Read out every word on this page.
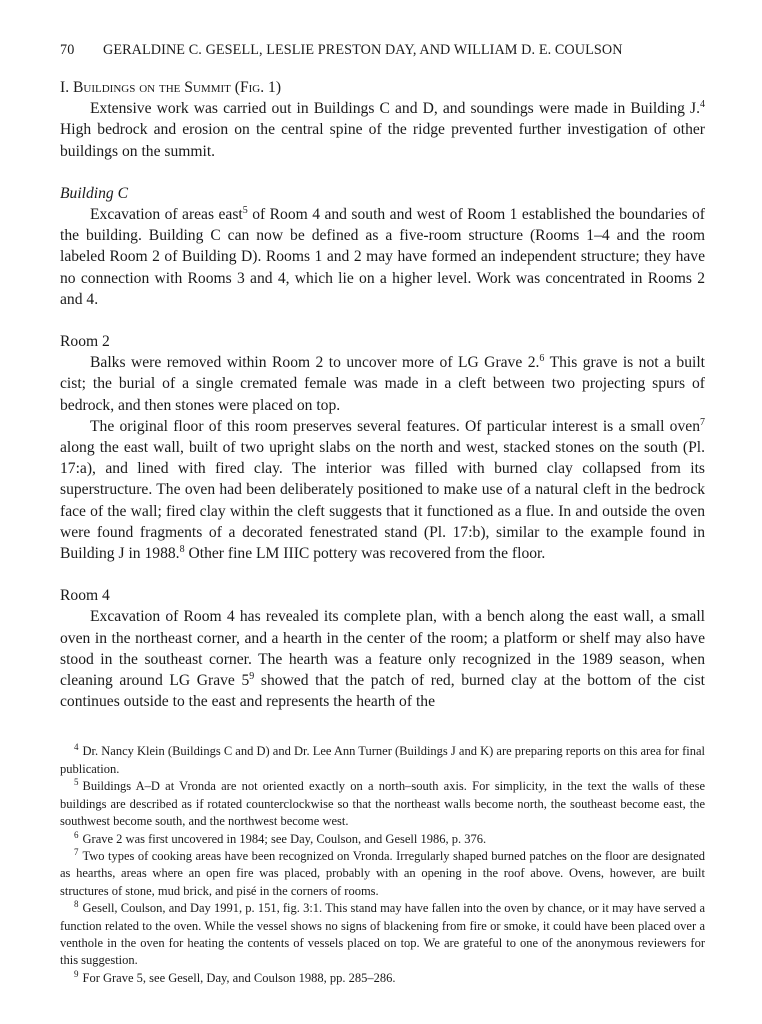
70	GERALDINE C. GESELL, LESLIE PRESTON DAY, AND WILLIAM D. E. COULSON

I. Buildings on the Summit (Fig. 1)

Extensive work was carried out in Buildings C and D, and soundings were made in Building J.$^4$ High bedrock and erosion on the central spine of the ridge prevented further investigation of other buildings on the summit.

Building C

Excavation of areas east$^5$ of Room 4 and south and west of Room 1 established the boundaries of the building. Building C can now be defined as a five-room structure (Rooms 1–4 and the room labeled Room 2 of Building D). Rooms 1 and 2 may have formed an independent structure; they have no connection with Rooms 3 and 4, which lie on a higher level. Work was concentrated in Rooms 2 and 4.

Room 2

Balks were removed within Room 2 to uncover more of LG Grave 2.$^6$ This grave is not a built cist; the burial of a single cremated female was made in a cleft between two projecting spurs of bedrock, and then stones were placed on top.

The original floor of this room preserves several features. Of particular interest is a small oven$^7$ along the east wall, built of two upright slabs on the north and west, stacked stones on the south (Pl. 17:a), and lined with fired clay. The interior was filled with burned clay collapsed from its superstructure. The oven had been deliberately positioned to make use of a natural cleft in the bedrock face of the wall; fired clay within the cleft suggests that it functioned as a flue. In and outside the oven were found fragments of a decorated fenestrated stand (Pl. 17:b), similar to the example found in Building J in 1988.$^8$ Other fine LM IIIC pottery was recovered from the floor.

Room 4

Excavation of Room 4 has revealed its complete plan, with a bench along the east wall, a small oven in the northeast corner, and a hearth in the center of the room; a platform or shelf may also have stood in the southeast corner. The hearth was a feature only recognized in the 1989 season, when cleaning around LG Grave $5^9$ showed that the patch of red, burned clay at the bottom of the cist continues outside to the east and represents the hearth of the

$^4$ Dr. Nancy Klein (Buildings C and D) and Dr. Lee Ann Turner (Buildings J and K) are preparing reports on this area for final publication.

$^5$ Buildings A–D at Vronda are not oriented exactly on a north–south axis. For simplicity, in the text the walls of these buildings are described as if rotated counterclockwise so that the northeast walls become north, the southeast become east, the southwest become south, and the northwest become west.

$^6$ Grave 2 was first uncovered in 1984; see Day, Coulson, and Gesell 1986, p. 376.

$^7$ Two types of cooking areas have been recognized on Vronda. Irregularly shaped burned patches on the floor are designated as hearths, areas where an open fire was placed, probably with an opening in the roof above. Ovens, however, are built structures of stone, mud brick, and pisé in the corners of rooms.

$^8$ Gesell, Coulson, and Day 1991, p. 151, fig. 3:1. This stand may have fallen into the oven by chance, or it may have served a function related to the oven. While the vessel shows no signs of blackening from fire or smoke, it could have been placed over a venthole in the oven for heating the contents of vessels placed on top. We are grateful to one of the anonymous reviewers for this suggestion.

$^9$ For Grave 5, see Gesell, Day, and Coulson 1988, pp. 285–286.
